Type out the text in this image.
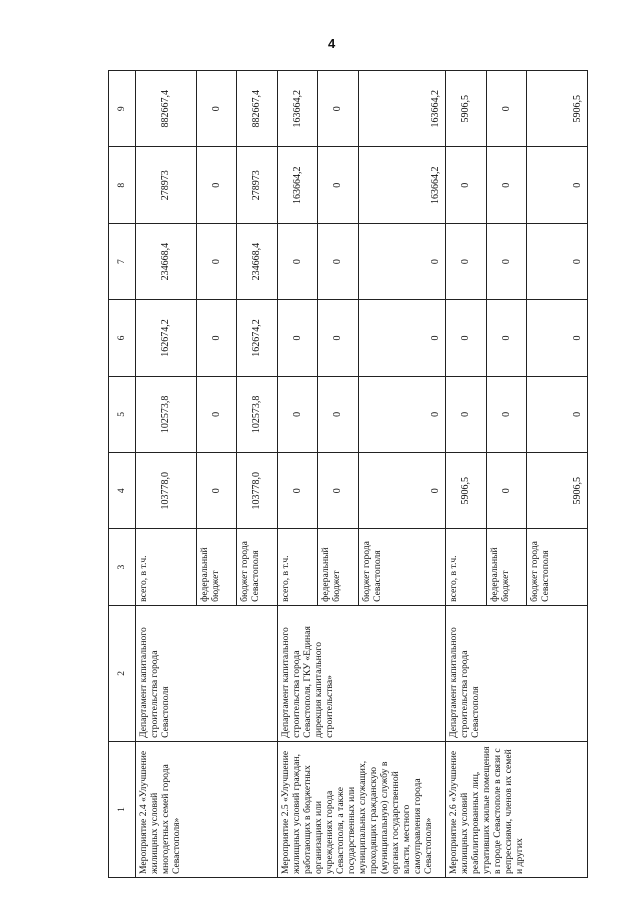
4
1	2	3	4	5	6	7	8	9
Мероприятие 2.4 «Улучшение жилищных условий многодетных семей города Севастополя»	Департамент капитального строительства города Севастополя	всего, в т.ч.	103778,0	102573,8	162674,2	234668,4	278973	882667,4
		федеральный бюджет	0	0	0	0	0	0
		бюджет города Севастополя	103778,0	102573,8	162674,2	234668,4	278973	882667,4
Мероприятие 2.5 «Улучшение жилищных условий граждан, работающих в бюджетных организациях или учреждениях города Севастополя, а также государственных или муниципальных служащих, проходящих гражданскую (муниципальную) службу в органах государственной власти, местного самоуправления города Севастополя»	Департамент капитального строительства города Севастополя, ГКУ «Единая дирекция капитального строительства»	всего, в т.ч.	0	0	0	0	163664,2	163664,2
		федеральный бюджет	0	0	0	0	0	0
		бюджет города Севастополя	0	0	0	0	163664,2	163664,2
Мероприятие 2.6 «Улучшение жилищных условий реабилитированных лиц, утративших жилые помещения в городе Севастополе в связи с репрессиями, членов их семей и других	Департамент капитального строительства города Севастополя	всего, в т.ч.	5906,5	0	0	0	0	5906,5
		федеральный бюджет	0	0	0	0	0	0
		бюджет города Севастополя	5906,5	0	0	0	0	5906,5
